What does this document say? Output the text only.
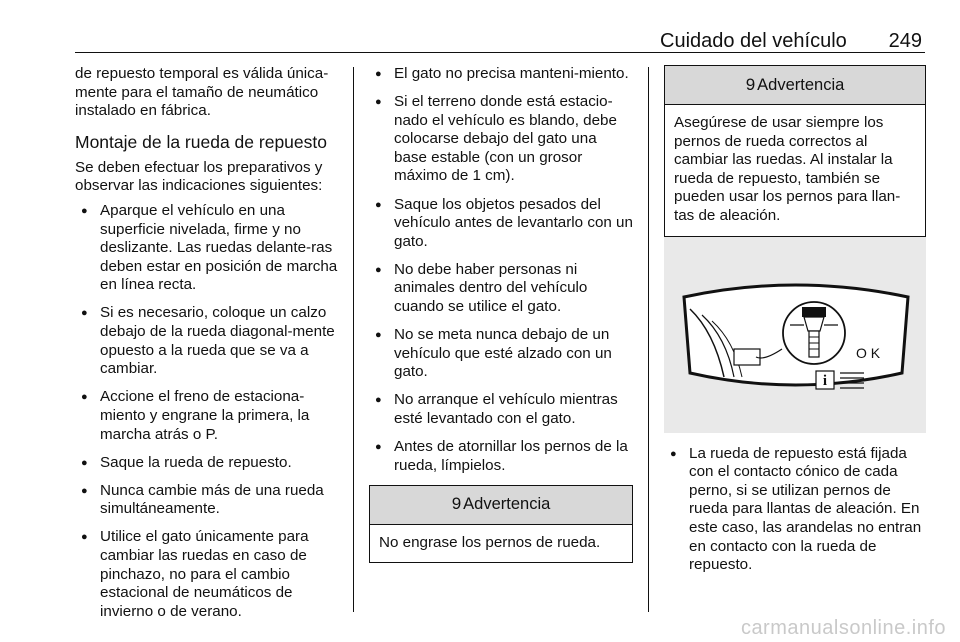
Cuidado del vehículo 249

de repuesto temporal es válida única-mente para el tamaño de neumático instalado en fábrica.

Montaje de la rueda de repuesto

Se deben efectuar los preparativos y observar las indicaciones siguientes:

● Aparque el vehículo en una superficie nivelada, firme y no deslizante. Las ruedas delante-ras deben estar en posición de marcha en línea recta.
● Si es necesario, coloque un calzo debajo de la rueda diagonal-mente opuesto a la rueda que se va a cambiar.
● Accione el freno de estaciona-miento y engrane la primera, la marcha atrás o P.
● Saque la rueda de repuesto.
● Nunca cambie más de una rueda simultáneamente.
● Utilice el gato únicamente para cambiar las ruedas en caso de pinchazo, no para el cambio estacional de neumáticos de invierno o de verano.
● El gato no precisa manteni-miento.
● Si el terreno donde está estacio-nado el vehículo es blando, debe colocarse debajo del gato una base estable (con un grosor máximo de 1 cm).
● Saque los objetos pesados del vehículo antes de levantarlo con un gato.
● No debe haber personas ni animales dentro del vehículo cuando se utilice el gato.
● No se meta nunca debajo de un vehículo que esté alzado con un gato.
● No arranque el vehículo mientras esté levantado con el gato.
● Antes de atornillar los pernos de la rueda, límpielos.
9 Advertencia
No engrase los pernos de rueda.
9 Advertencia
Asegúrese de usar siempre los pernos de rueda correctos al cambiar las ruedas. Al instalar la rueda de repuesto, también se pueden usar los pernos para llan-tas de aleación.
i
O K
● La rueda de repuesto está fijada con el contacto cónico de cada perno, si se utilizan pernos de rueda para llantas de aleación. En este caso, las arandelas no entran en contacto con la rueda de repuesto.
carmanualsonline.info
